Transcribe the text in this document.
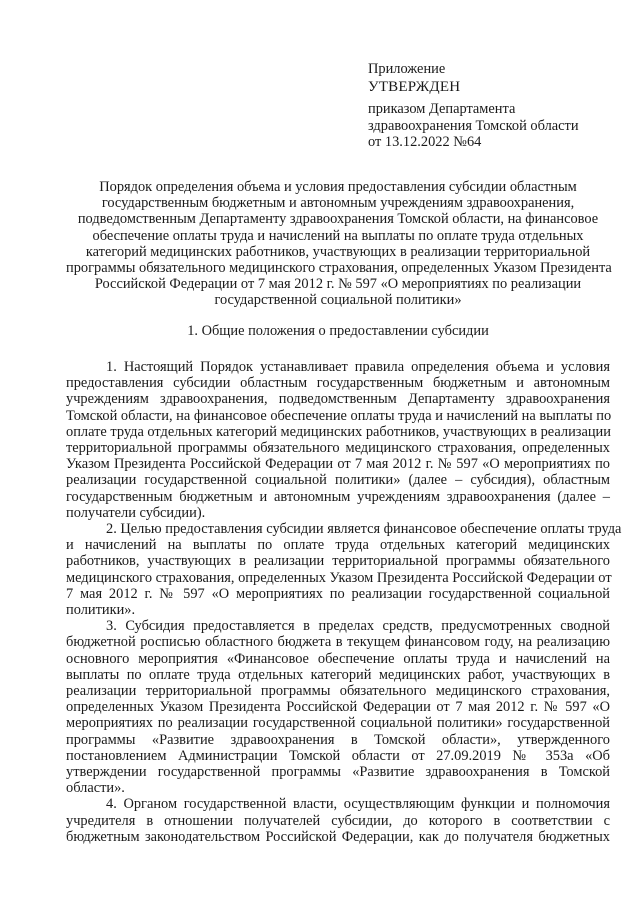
Приложение
УТВЕРЖДЕН
приказом Департамента
здравоохранения Томской области
от 13.12.2022 №64
Порядок определения объема и условия предоставления субсидии областным
государственным бюджетным и автономным учреждениям здравоохранения,
подведомственным Департаменту здравоохранения Томской области, на финансовое
обеспечение оплаты труда и начислений на выплаты по оплате труда отдельных
категорий медицинских работников, участвующих в реализации территориальной
программы обязательного медицинского страхования, определенных Указом Президента
Российской Федерации от 7 мая 2012 г. № 597 «О мероприятиях по реализации
государственной социальной политики»
1. Общие положения о предоставлении субсидии

1. Настоящий Порядок устанавливает правила определения объема и условия
предоставления субсидии областным государственным бюджетным и автономным
учреждениям здравоохранения, подведомственным Департаменту здравоохранения
Томской области, на финансовое обеспечение оплаты труда и начислений на выплаты по
оплате труда отдельных категорий медицинских работников, участвующих в реализации
территориальной программы обязательного медицинского страхования, определенных
Указом Президента Российской Федерации от 7 мая 2012 г. № 597 «О мероприятиях по
реализации государственной социальной политики» (далее – субсидия), областным
государственным бюджетным и автономным учреждениям здравоохранения (далее –
получатели субсидии).

2. Целью предоставления субсидии является финансовое обеспечение оплаты труда
и начислений на выплаты по оплате труда отдельных категорий медицинских
работников, участвующих в реализации территориальной программы обязательного
медицинского страхования, определенных Указом Президента Российской Федерации от
7 мая 2012 г. № 597 «О мероприятиях по реализации государственной социальной
политики».

3. Субсидия предоставляется в пределах средств, предусмотренных сводной
бюджетной росписью областного бюджета в текущем финансовом году, на реализацию
основного мероприятия «Финансовое обеспечение оплаты труда и начислений на
выплаты по оплате труда отдельных категорий медицинских работ, участвующих в
реализации территориальной программы обязательного медицинского страхования,
определенных Указом Президента Российской Федерации от 7 мая 2012 г. № 597 «О
мероприятиях по реализации государственной социальной политики» государственной
программы «Развитие здравоохранения в Томской области», утвержденного
постановлением Администрации Томской области от 27.09.2019 № 353а «Об
утверждении государственной программы «Развитие здравоохранения в Томской
области».

4. Органом государственной власти, осуществляющим функции и полномочия
учредителя в отношении получателей субсидии, до которого в соответствии с
бюджетным законодательством Российской Федерации, как до получателя бюджетных
